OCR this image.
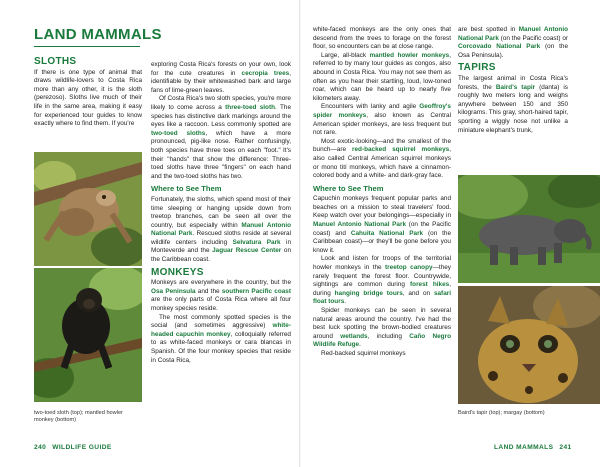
LAND MAMMALS
SLOTHS

If there is one type of animal that draws wildlife-lovers to Costa Rica more than any other, it is the sloth (perezoso). Sloths live much of their life in the same area, making it easy for experienced tour guides to know exactly where to find them. If you're

two-toed sloth (top); mantled howler monkey (bottom)

exploring Costa Rica's forests on your own, look for the cute creatures in cecropia trees, identifiable by their whitewashed bark and large fans of lime-green leaves.

Of Costa Rica's two sloth species, you're more likely to come across a three-toed sloth. The species has distinctive dark markings around the eyes like a raccoon. Less commonly spotted are two-toed sloths, which have a more pronounced, pig-like nose. Rather confusingly, both species have three toes on each "foot." It's their "hands" that show the difference: Three-toed sloths have three "fingers" on each hand and the two-toed sloths has two.

Where to See Them

Fortunately, the sloths, which spend most of their time sleeping or hanging upside down from treetop branches, can be seen all over the country, but especially within Manuel Antonio National Park. Rescued sloths reside at several wildlife centers including Selvatura Park in Monteverde and the Jaguar Rescue Center on the Caribbean coast.

MONKEYS

Monkeys are everywhere in the country, but the Osa Peninsula and the southern Pacific coast are the only parts of Costa Rica where all four monkey species reside.

The most commonly spotted species is the social (and sometimes aggressive) white-headed capuchin monkey, colloquially referred to as white-faced monkeys or cara blancas in Spanish. Of the four monkey species that reside in Costa Rica,

240 WILDLIFE GUIDE

white-faced monkeys are the only ones that descend from the trees to forage on the forest floor, so encounters can be at close range.

Large, all-black mantled howler monkeys, referred to by many tour guides as congos, also abound in Costa Rica. You may not see them as often as you hear their startling, loud, low-toned roar, which can be heard up to nearly five kilometers away.

Encounters with lanky and agile Geoffroy's spider monkeys, also known as Central American spider monkeys, are less frequent but not rare.

Most exotic-looking—and the smallest of the bunch—are red-backed squirrel monkeys, also called Central American squirrel monkeys or mono tití monkeys, which have a cinnamon-colored body and a white- and dark-gray face.

Where to See Them

Capuchin monkeys frequent popular parks and beaches on a mission to steal travelers' food. Keep watch over your belongings—especially in Manuel Antonio National Park (on the Pacific coast) and Cahuita National Park (on the Caribbean coast)—or they'll be gone before you know it.

Look and listen for troops of the territorial howler monkeys in the treetop canopy—they rarely frequent the forest floor. Countrywide, sightings are common during forest hikes, during hanging bridge tours, and on safari float tours.

Spider monkeys can be seen in several natural areas around the country. I've had the best luck spotting the brown-bodied creatures around wetlands, including Caño Negro Wildlife Refuge.

Red-backed squirrel monkeys

are best spotted in Manuel Antonio National Park (on the Pacific coast) or Corcovado National Park (on the Osa Peninsula).

TAPIRS

The largest animal in Costa Rica's forests, the Baird's tapir (danta) is roughly two meters long and weighs anywhere between 150 and 350 kilograms. This gray, short-haired tapir, sporting a wiggly nose not unlike a miniature elephant's trunk,

Baird's tapir (top); margay (bottom)
LAND MAMMALS 241
